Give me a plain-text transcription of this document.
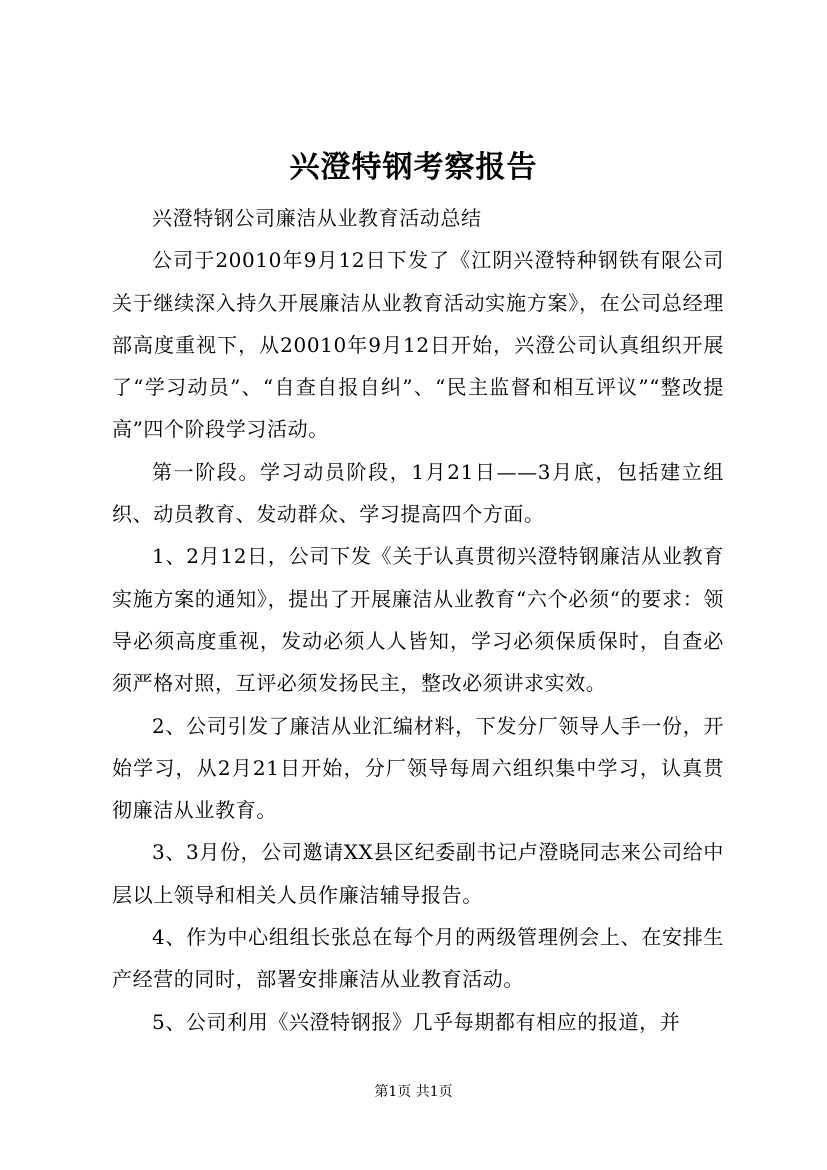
兴澄特钢考察报告

兴澄特钢公司廉洁从业教育活动总结

公司于20010年9月12日下发了《江阴兴澄特种钢铁有限公司关于继续深入持久开展廉洁从业教育活动实施方案》，在公司总经理部高度重视下，从20010年9月12日开始，兴澄公司认真组织开展了“学习动员”、“自查自报自纠”、“民主监督和相互评议”“整改提高”四个阶段学习活动。

第一阶段。学习动员阶段，1月21日——3月底，包括建立组织、动员教育、发动群众、学习提高四个方面。

1、2月12日，公司下发《关于认真贯彻兴澄特钢廉洁从业教育实施方案的通知》，提出了开展廉洁从业教育“六个必须“的要求：领导必须高度重视，发动必须人人皆知，学习必须保质保时，自查必须严格对照，互评必须发扬民主，整改必须讲求实效。

2、公司引发了廉洁从业汇编材料，下发分厂领导人手一份，开始学习，从2月21日开始，分厂领导每周六组织集中学习，认真贯彻廉洁从业教育。

3、3月份，公司邀请XX县区纪委副书记卢澄晓同志来公司给中层以上领导和相关人员作廉洁辅导报告。

4、作为中心组组长张总在每个月的两级管理例会上、在安排生产经营的同时，部署安排廉洁从业教育活动。

5、公司利用《兴澄特钢报》几乎每期都有相应的报道，并

第1页 共1页
